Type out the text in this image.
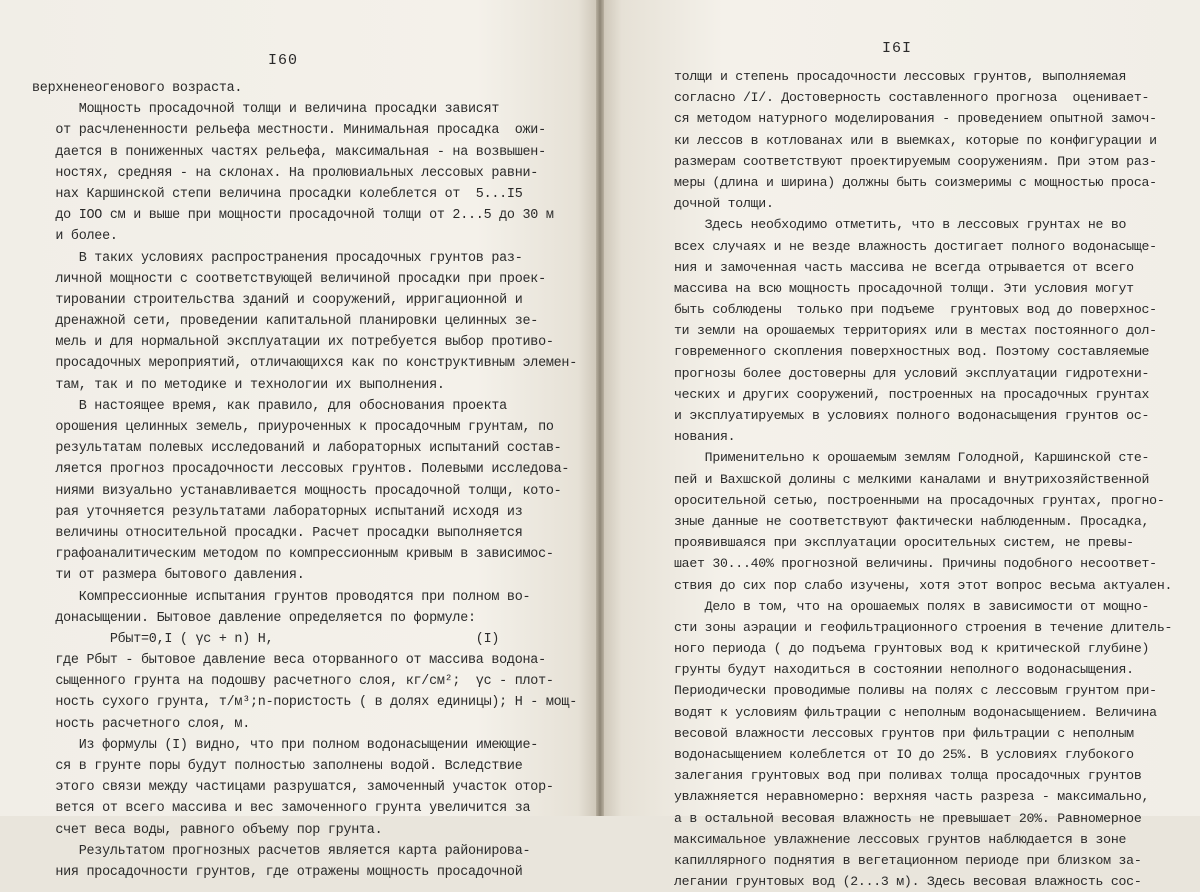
I60
верхненеогенового возраста.
Мощность просадочной толщи и величина просадки зависят
от расчлененности рельефа местности. Минимальная просадка  ожи-
дается в пониженных частях рельефа, максимальная - на возвышен-
ностях, средняя - на склонах. На пролювиальных лессовых равни-
нах Каршинской степи величина просадки колеблется от  5...I5
до IOO см и выше при мощности просадочной толщи от 2...5 до 30 м
и более.
В таких условиях распространения просадочных грунтов раз-
личной мощности с соответствующей величиной просадки при проек-
тировании строительства зданий и сооружений, ирригационной и
дренажной сети, проведении капитальной планировки целинных зе-
мель и для нормальной эксплуатации их потребуется выбор противо-
просадочных мероприятий, отличающихся как по конструктивным элемен-
там, так и по методике и технологии их выполнения.
В настоящее время, как правило, для обоснования проекта
орошения целинных земель, приуроченных к просадочным грунтам, по
результатам полевых исследований и лабораторных испытаний состав-
ляется прогноз просадочности лессовых грунтов. Полевыми исследова-
ниями визуально устанавливается мощность просадочной толщи, кото-
рая уточняется результатами лабораторных испытаний исходя из
величины относительной просадки. Расчет просадки выполняется
графоаналитическим методом по компрессионным кривым в зависимос-
ти от размера бытового давления.
Компрессионные испытания грунтов проводятся при полном во-
донасыщении. Бытовое давление определяется по формуле:
Pбыт=0,I ( γс + n) H,                          (I)
где Pбыт - бытовое давление веса оторванного от массива водона-
сыщенного грунта на подошву расчетного слоя, кг/см²;  γс - плот-
ность сухого грунта, т/м³;n-пористость ( в долях единицы); H - мощ-
ность расчетного слоя, м.
Из формулы (I) видно, что при полном водонасыщении имеющие-
ся в грунте поры будут полностью заполнены водой. Вследствие
этого связи между частицами разрушатся, замоченный участок отор-
вется от всего массива и вес замоченного грунта увеличится за
счет веса воды, равного объему пор грунта.
Результатом прогнозных расчетов является карта районирова-
ния просадочности грунтов, где отражены мощность просадочной
I6I
толщи и степень просадочности лессовых грунтов, выполняемая
согласно /I/. Достоверность составленного прогноза  оценивает-
ся методом натурного моделирования - проведением опытной замоч-
ки лессов в котлованах или в выемках, которые по конфигурации и
размерам соответствуют проектируемым сооружениям. При этом раз-
меры (длина и ширина) должны быть соизмеримы с мощностью проса-
дочной толщи.
Здесь необходимо отметить, что в лессовых грунтах не во
всех случаях и не везде влажность достигает полного водонасыще-
ния и замоченная часть массива не всегда отрывается от всего
массива на всю мощность просадочной толщи. Эти условия могут
быть соблюдены  только при подъеме  грунтовых вод до поверхнос-
ти земли на орошаемых территориях или в местах постоянного дол-
говременного скопления поверхностных вод. Поэтому составляемые
прогнозы более достоверны для условий эксплуатации гидротехни-
ческих и других сооружений, построенных на просадочных грунтах
и эксплуатируемых в условиях полного водонасыщения грунтов ос-
нования.
Применительно к орошаемым землям Голодной, Каршинской сте-
пей и Вахшской долины с мелкими каналами и внутрихозяйственной
оросительной сетью, построенными на просадочных грунтах, прогно-
зные данные не соответствуют фактически наблюденным. Просадка,
проявившаяся при эксплуатации оросительных систем, не превы-
шает 30...40% прогнозной величины. Причины подобного несоответ-
ствия до сих пор слабо изучены, хотя этот вопрос весьма актуален.
Дело в том, что на орошаемых полях в зависимости от мощно-
сти зоны аэрации и геофильтрационного строения в течение длитель-
ного периода ( до подъема грунтовых вод к критической глубине)
грунты будут находиться в состоянии неполного водонасыщения.
Периодически проводимые поливы на полях с лессовым грунтом при-
водят к условиям фильтрации с неполным водонасыщением. Величина
весовой влажности лессовых грунтов при фильтрации с неполным
водонасыщением колеблется от IO до 25%. В условиях глубокого
залегания грунтовых вод при поливах толща просадочных грунтов
увлажняется неравномерно: верхняя часть разреза - максимально,
а в остальной весовая влажность не превышает 20%. Равномерное
максимальное увлажнение лессовых грунтов наблюдается в зоне
капиллярного поднятия в вегетационном периоде при близком за-
легании грунтовых вод (2...3 м). Здесь весовая влажность сос-
